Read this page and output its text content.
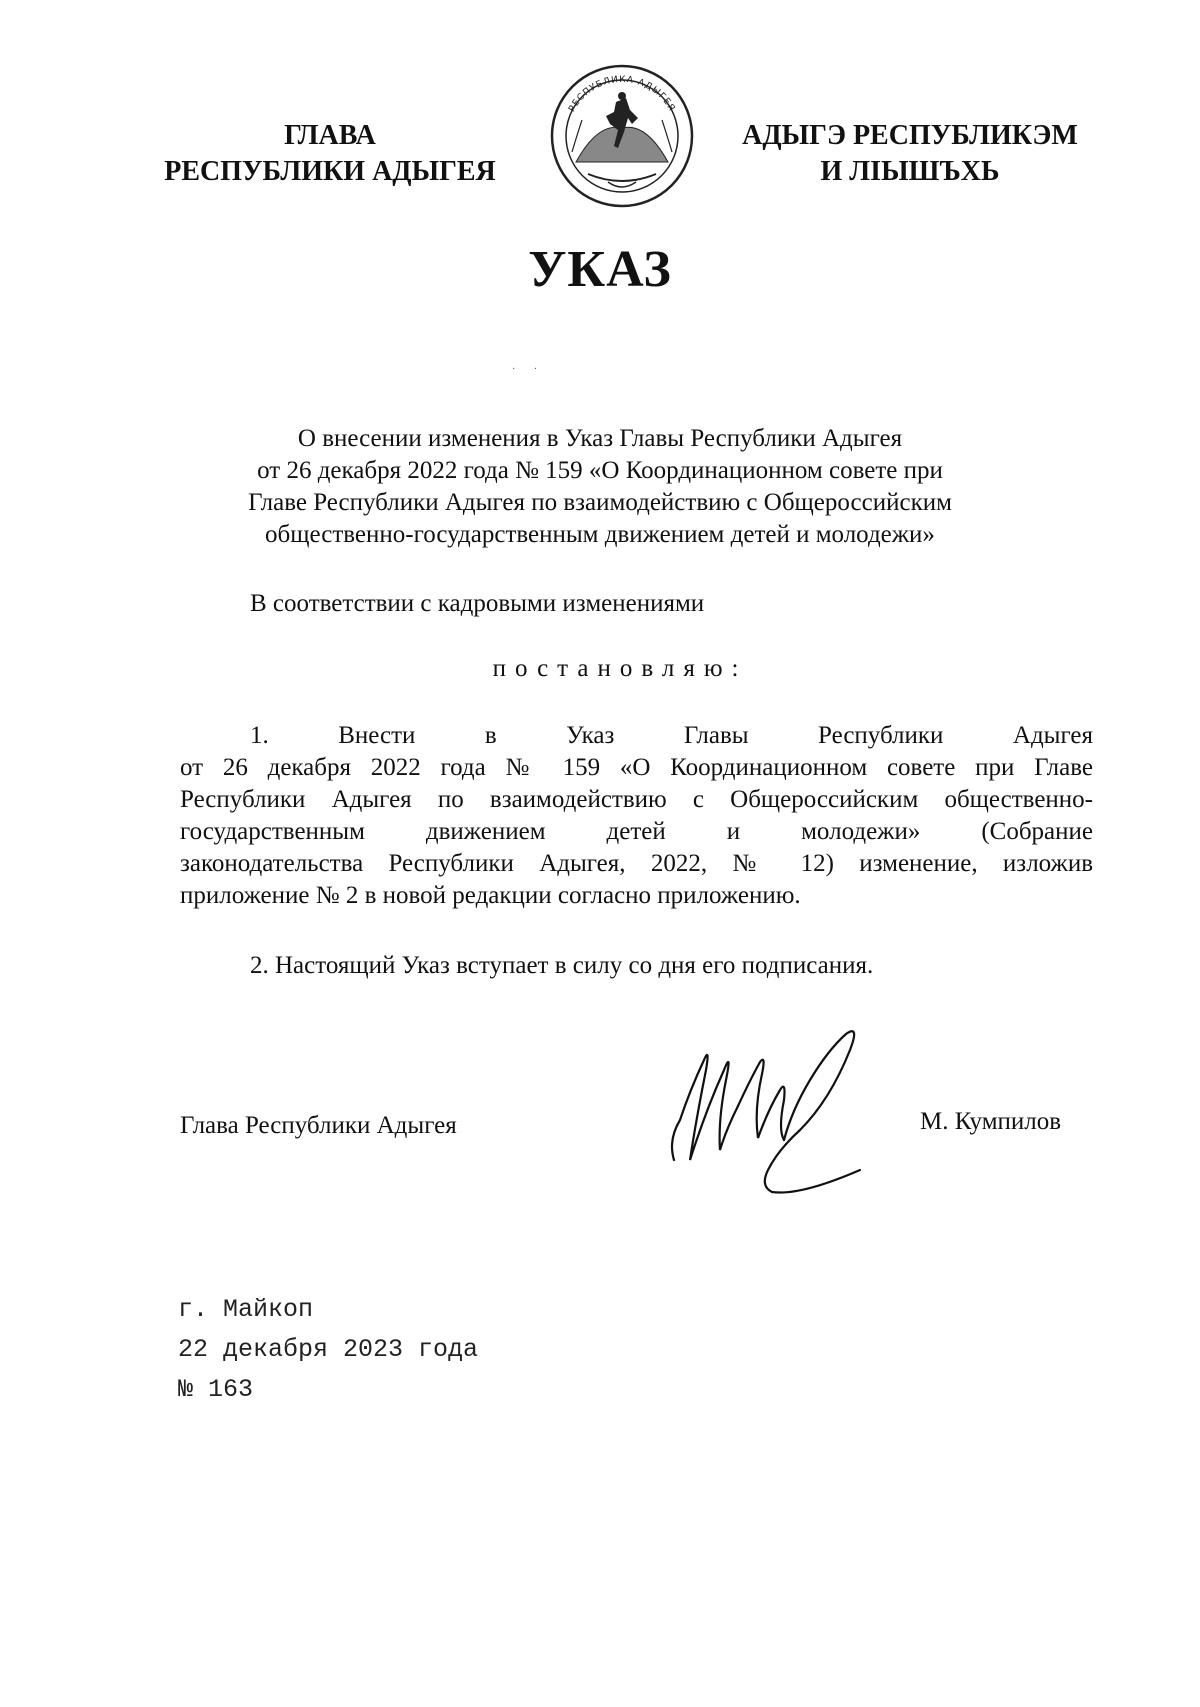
ГЛАВА
РЕСПУБЛИКИ АДЫГЕЯ
РЕСПУБЛИКА АДЫГЕЯ
АДЫГЭ РЕСПУБЛИКЭМ
И ЛІЫШЪХЬ
УКАЗ
· ·
О внесении изменения в Указ Главы Республики Адыгея
от 26 декабря 2022 года № 159 «О Координационном совете при
Главе Республики Адыгея по взаимодействию с Общероссийским
общественно-государственным движением детей и молодежи»
В соответствии с кадровыми изменениями
постановляю:
1. Внести в Указ Главы Республики Адыгея
от 26 декабря 2022 года № 159 «О Координационном совете при Главе
Республики Адыгея по взаимодействию с Общероссийским общественно-
государственным движением детей и молодежи» (Собрание
законодательства Республики Адыгея, 2022, № 12) изменение, изложив
приложение № 2 в новой редакции согласно приложению.
2. Настоящий Указ вступает в силу со дня его подписания.
Глава Республики Адыгея	М. Кумпилов
г. Майкоп
22 декабря 2023 года
№ 163
